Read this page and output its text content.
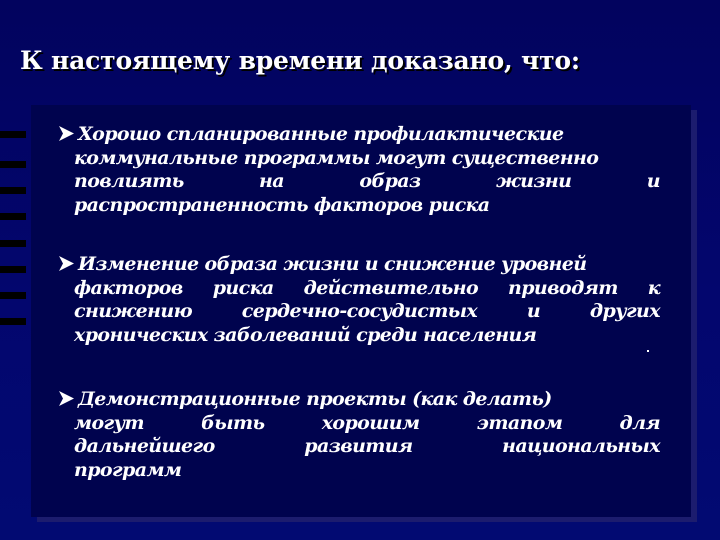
К настоящему времени доказано, что:
Хорошо спланированные профилактические
коммунальные программы могут существенно
повлиять на образ жизни и
распространенность факторов риска
Изменение образа жизни и снижение уровней
факторов риска действительно приводят к
снижению сердечно-сосудистых и других
хронических заболеваний среди населения
Демонстрационные проекты (как делать)
могут быть хорошим этапом для
дальнейшего развития национальных
программ
